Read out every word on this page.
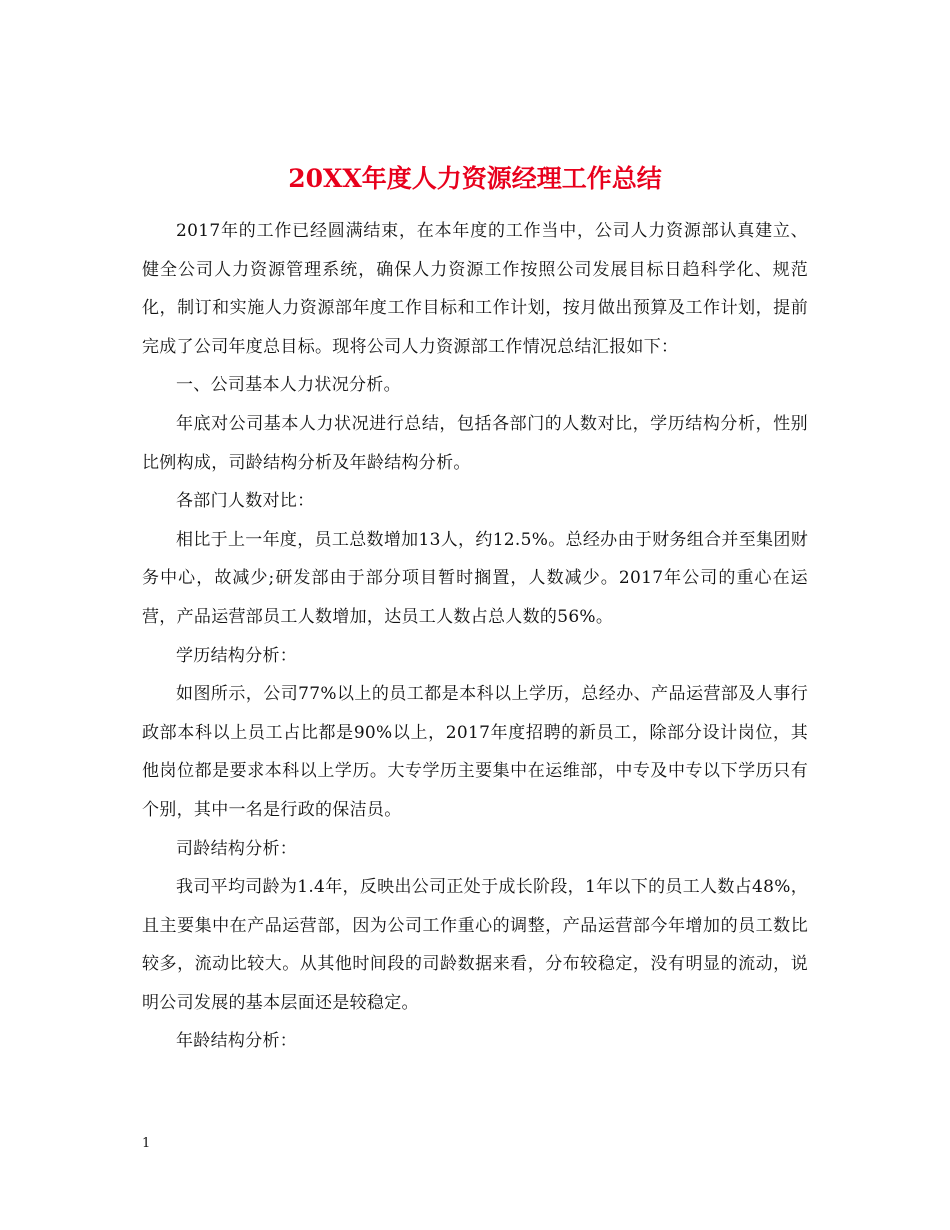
20XX年度人力资源经理工作总结

2017年的工作已经圆满结束，在本年度的工作当中，公司人力资源部认真建立、健全公司人力资源管理系统，确保人力资源工作按照公司发展目标日趋科学化、规范化，制订和实施人力资源部年度工作目标和工作计划，按月做出预算及工作计划，提前完成了公司年度总目标。现将公司人力资源部工作情况总结汇报如下：

一、公司基本人力状况分析。

年底对公司基本人力状况进行总结，包括各部门的人数对比，学历结构分析，性别比例构成，司龄结构分析及年龄结构分析。

各部门人数对比：

相比于上一年度，员工总数增加13人，约12.5%。总经办由于财务组合并至集团财务中心，故减少;研发部由于部分项目暂时搁置，人数减少。2017年公司的重心在运营，产品运营部员工人数增加，达员工人数占总人数的56%。

学历结构分析：

如图所示，公司77%以上的员工都是本科以上学历，总经办、产品运营部及人事行政部本科以上员工占比都是90%以上，2017年度招聘的新员工，除部分设计岗位，其他岗位都是要求本科以上学历。大专学历主要集中在运维部，中专及中专以下学历只有个别，其中一名是行政的保洁员。

司龄结构分析：

我司平均司龄为1.4年，反映出公司正处于成长阶段，1年以下的员工人数占48%，且主要集中在产品运营部，因为公司工作重心的调整，产品运营部今年增加的员工数比较多，流动比较大。从其他时间段的司龄数据来看，分布较稳定，没有明显的流动，说明公司发展的基本层面还是较稳定。

年龄结构分析：

1
